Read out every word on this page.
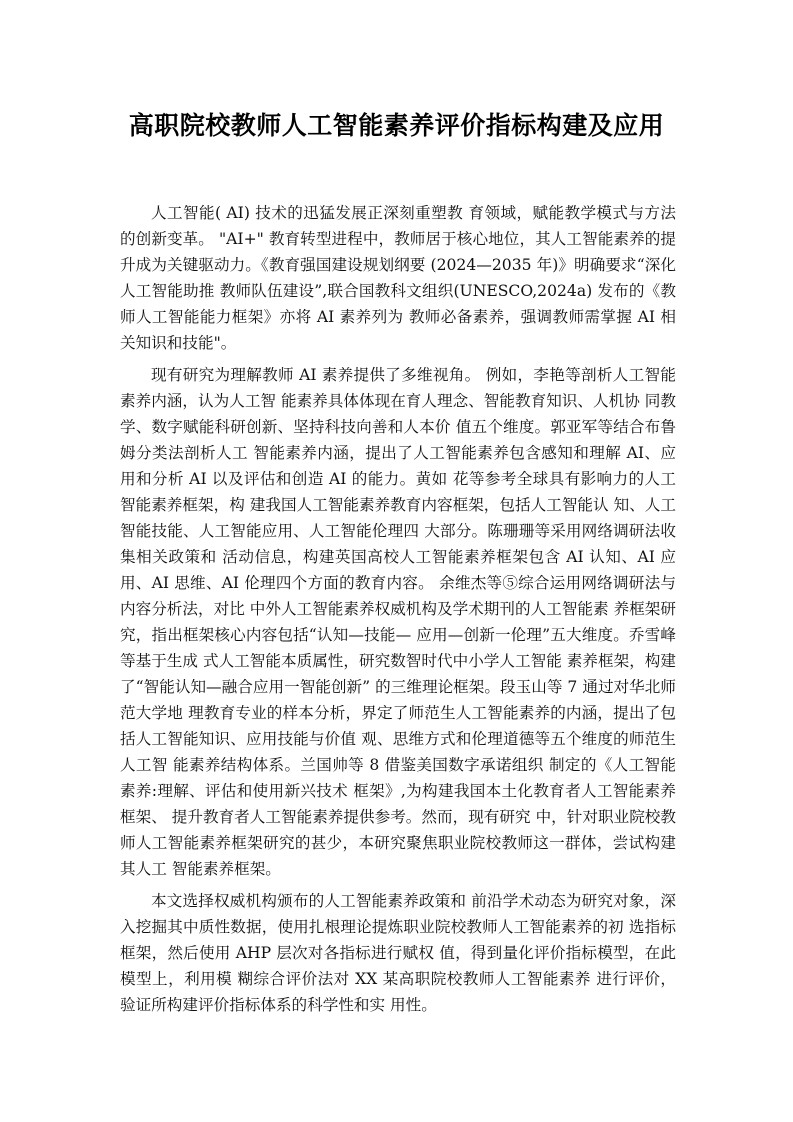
高职院校教师人工智能素养评价指标构建及应用

人工智能( AI) 技术的迅猛发展正深刻重塑教 育领域，赋能教学模式与方法的创新变革。 "AI+" 教育转型进程中，教师居于核心地位，其人工智能素养的提升成为关键驱动力。《教育强国建设规划纲要 (2024—2035 年)》明确要求“深化人工智能助推 教师队伍建设”,联合国教科文组织(UNESCO,2024a) 发布的《教师人工智能能力框架》亦将 AI 素养列为 教师必备素养，强调教师需掌握 AI 相关知识和技能"。

现有研究为理解教师 AI 素养提供了多维视角。 例如，李艳等剖析人工智能素养内涵，认为人工智 能素养具体体现在育人理念、智能教育知识、人机协 同教学、数字赋能科研创新、坚持科技向善和人本价 值五个维度。郭亚军等结合布鲁姆分类法剖析人工 智能素养内涵，提出了人工智能素养包含感知和理解 AI、应用和分析 AI 以及评估和创造 AI 的能力。黄如 花等参考全球具有影响力的人工智能素养框架，构 建我国人工智能素养教育内容框架，包括人工智能认 知、人工智能技能、人工智能应用、人工智能伦理四 大部分。陈珊珊等采用网络调研法收集相关政策和 活动信息，构建英国高校人工智能素养框架包含 AI 认知、AI 应用、AI 思维、AI 伦理四个方面的教育内容。 余维杰等⑤综合运用网络调研法与内容分析法，对比 中外人工智能素养权威机构及学术期刊的人工智能素 养框架研究，指出框架核心内容包括“认知—技能— 应用—创新一伦理”五大维度。乔雪峰等基于生成 式人工智能本质属性，研究数智时代中小学人工智能 素养框架，构建了“智能认知—融合应用一智能创新” 的三维理论框架。段玉山等 7 通过对华北师范大学地 理教育专业的样本分析，界定了师范生人工智能素养的内涵，提出了包括人工智能知识、应用技能与价值 观、思维方式和伦理道德等五个维度的师范生人工智 能素养结构体系。兰国帅等 8 借鉴美国数字承诺组织 制定的《人工智能素养:理解、评估和使用新兴技术 框架》,为构建我国本土化教育者人工智能素养框架、 提升教育者人工智能素养提供参考。然而，现有研究 中，针对职业院校教师人工智能素养框架研究的甚少，本研究聚焦职业院校教师这一群体，尝试构建其人工 智能素养框架。

本文选择权威机构颁布的人工智能素养政策和 前沿学术动态为研究对象，深入挖掘其中质性数据，使用扎根理论提炼职业院校教师人工智能素养的初 选指标框架，然后使用 AHP 层次对各指标进行赋权 值，得到量化评价指标模型，在此模型上，利用模 糊综合评价法对 XX 某高职院校教师人工智能素养 进行评价，验证所构建评价指标体系的科学性和实 用性。
